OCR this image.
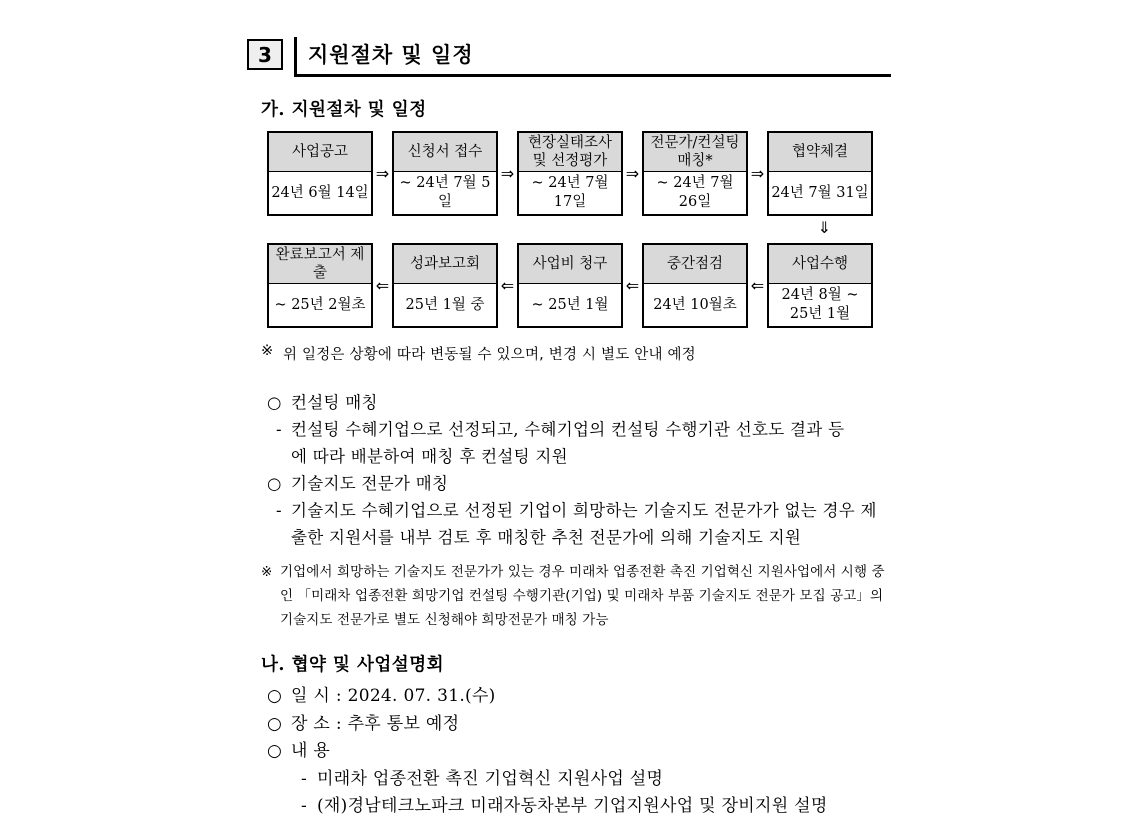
3	지원절차 및 일정
가. 지원절차 및 일정
사업공고
24년 6월 14일
⇒
신청서 접수
~ 24년 7월 5일
⇒
현장실태조사 및 선정평가
~ 24년 7월 17일
⇒
전문가/컨설팅 매칭*
~ 24년 7월 26일
⇒
협약체결
24년 7월 31일
⇓
완료보고서 제출
~ 25년 2월초
⇐
성과보고회
25년 1월 중
⇐
사업비 청구
~ 25년 1월
⇐
중간점검
24년 10월초
⇐
사업수행
24년 8월 ~ 25년 1월
※ 위 일정은 상황에 따라 변동될 수 있으며, 변경 시 별도 안내 예정
○ 컨설팅 매칭
- 컨설팅 수혜기업으로 선정되고, 수혜기업의 컨설팅 수행기관 선호도 결과 등
에 따라 배분하여 매칭 후 컨설팅 지원
○ 기술지도 전문가 매칭
- 기술지도 수혜기업으로 선정된 기업이 희망하는 기술지도 전문가가 없는 경우 제
출한 지원서를 내부 검토 후 매칭한 추천 전문가에 의해 기술지도 지원
※ 기업에서 희망하는 기술지도 전문가가 있는 경우 미래차 업종전환 촉진 기업혁신 지원사업에서 시행 중
인 「미래차 업종전환 희망기업 컨설팅 수행기관(기업) 및 미래차 부품 기술지도 전문가 모집 공고」의
기술지도 전문가로 별도 신청해야 희망전문가 매칭 가능
나. 협약 및 사업설명회
○ 일 시 : 2024. 07. 31.(수)
○ 장 소 : 추후 통보 예정
○ 내 용
- 미래차 업종전환 촉진 기업혁신 지원사업 설명
- (재)경남테크노파크 미래자동차본부 기업지원사업 및 장비지원 설명
